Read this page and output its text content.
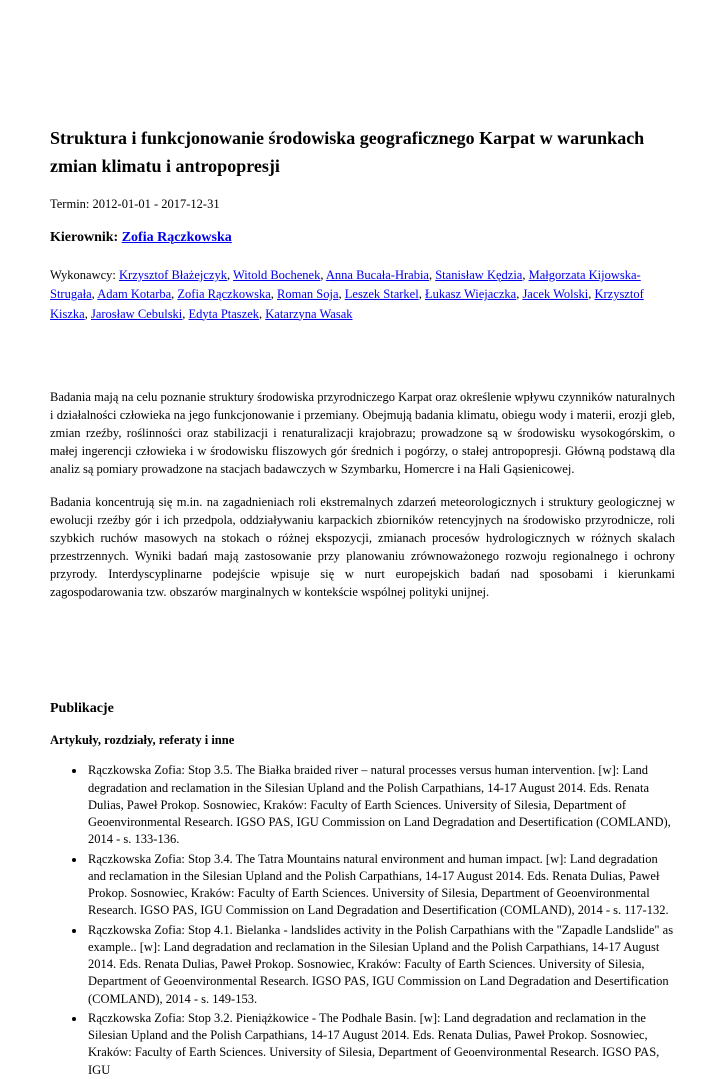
Struktura i funkcjonowanie środowiska geograficznego Karpat w warunkach zmian klimatu i antropopresji

Termin: 2012-01-01 - 2017-12-31

Kierownik: Zofia Rączkowska

Wykonawcy: Krzysztof Błażejczyk, Witold Bochenek, Anna Bucała-Hrabia, Stanisław Kędzia, Małgorzata Kijowska-Strugała, Adam Kotarba, Zofia Rączkowska, Roman Soja, Leszek Starkel, Łukasz Wiejaczka, Jacek Wolski, Krzysztof Kiszka, Jarosław Cebulski, Edyta Ptaszek, Katarzyna Wasak

Badania mają na celu poznanie struktury środowiska przyrodniczego Karpat oraz określenie wpływu czynników naturalnych i działalności człowieka na jego funkcjonowanie i przemiany. Obejmują badania klimatu, obiegu wody i materii, erozji gleb, zmian rzeźby, roślinności oraz stabilizacji i renaturalizacji krajobrazu; prowadzone są w środowisku wysokogórskim, o małej ingerencji człowieka i w środowisku fliszowych gór średnich i pogórzy, o stałej antropopresji. Główną podstawą dla analiz są pomiary prowadzone na stacjach badawczych w Szymbarku, Homercre i na Hali Gąsienicowej.

Badania koncentrują się m.in. na zagadnieniach roli ekstremalnych zdarzeń meteorologicznych i struktury geologicznej w ewolucji rzeźby gór i ich przedpola, oddziaływaniu karpackich zbiorników retencyjnych na środowisko przyrodnicze, roli szybkich ruchów masowych na stokach o różnej ekspozycji, zmianach procesów hydrologicznych w różnych skalach przestrzennych. Wyniki badań mają zastosowanie przy planowaniu zrównoważonego rozwoju regionalnego i ochrony przyrody. Interdyscyplinarne podejście wpisuje się w nurt europejskich badań nad sposobami i kierunkami zagospodarowania tzw. obszarów marginalnych w kontekście wspólnej polityki unijnej.

Publikacje
Artykuły, rozdziały, referaty i inne
• Rączkowska Zofia: Stop 3.5. The Białka braided river – natural processes versus human intervention. [w]: Land degradation and reclamation in the Silesian Upland and the Polish Carpathians, 14-17 August 2014. Eds. Renata Dulias, Paweł Prokop. Sosnowiec, Kraków: Faculty of Earth Sciences. University of Silesia, Department of Geoenvironmental Research. IGSO PAS, IGU Commission on Land Degradation and Desertification (COMLAND), 2014 - s. 133-136.
• Rączkowska Zofia: Stop 3.4. The Tatra Mountains natural environment and human impact. [w]: Land degradation and reclamation in the Silesian Upland and the Polish Carpathians, 14-17 August 2014. Eds. Renata Dulias, Paweł Prokop. Sosnowiec, Kraków: Faculty of Earth Sciences. University of Silesia, Department of Geoenvironmental Research. IGSO PAS, IGU Commission on Land Degradation and Desertification (COMLAND), 2014 - s. 117-132.
• Rączkowska Zofia: Stop 4.1. Bielanka - landslides activity in the Polish Carpathians with the "Zapadle Landslide" as example.. [w]: Land degradation and reclamation in the Silesian Upland and the Polish Carpathians, 14-17 August 2014. Eds. Renata Dulias, Paweł Prokop. Sosnowiec, Kraków: Faculty of Earth Sciences. University of Silesia, Department of Geoenvironmental Research. IGSO PAS, IGU Commission on Land Degradation and Desertification (COMLAND), 2014 - s. 149-153.
• Rączkowska Zofia: Stop 3.2. Pieniążkowice - The Podhale Basin. [w]: Land degradation and reclamation in the Silesian Upland and the Polish Carpathians, 14-17 August 2014. Eds. Renata Dulias, Paweł Prokop. Sosnowiec, Kraków: Faculty of Earth Sciences. University of Silesia, Department of Geoenvironmental Research. IGSO PAS, IGU
